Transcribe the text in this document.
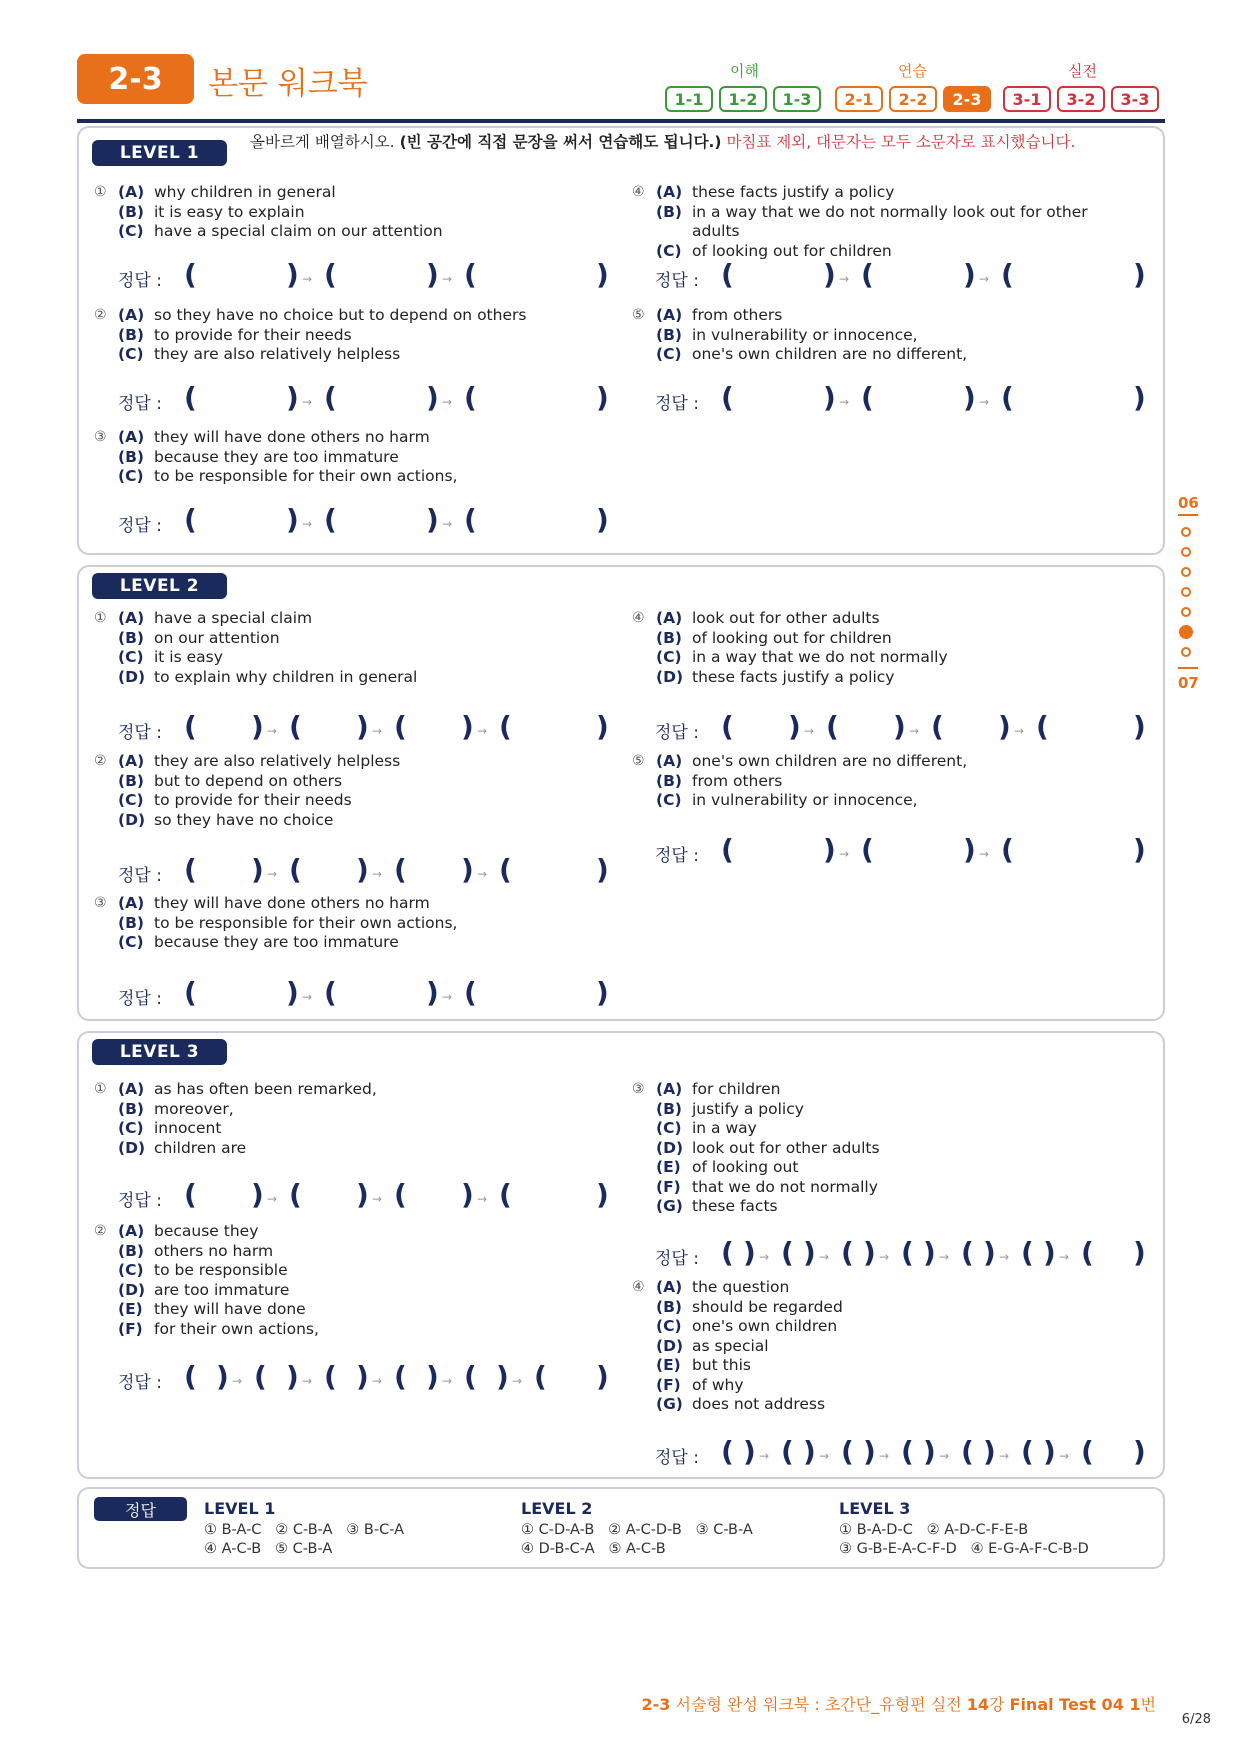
2-3	본문 워크북	이해	연습	실전
1-1	1-2	1-3	2-1	2-2	2-3	3-1	3-2	3-3
06
07
LEVEL 1
올바르게 배열하시오. (빈 공간에 직접 문장을 써서 연습해도 됩니다.) 마침표 제외, 대문자는 모두 소문자로 표시했습니다.
LEVEL 2
LEVEL 3
① (A) why children in general
(B) it is easy to explain
(C) have a special claim on our attention
④ (A) these facts justify a policy
(B) in a way that we do not normally look out for other
adults
(C) of looking out for children
② (A) so they have no choice but to depend on others
(B) to provide for their needs
(C) they are also relatively helpless
⑤ (A) from others
(B) in vulnerability or innocence,
(C) one's own children are no different,
③ (A) they will have done others no harm
(B) because they are too immature
(C) to be responsible for their own actions,
정답 : (	) → (	) → (	)	정답 : (	) → (	) → (	)
정답 : (	) → (	) → (	)	정답 : (	) → (	) → (	)
정답 : (	) → (	) → (	)
① (A) have a special claim
(B) on our attention
(C) it is easy
(D) to explain why children in general
④ (A) look out for other adults
(B) of looking out for children
(C) in a way that we do not normally
(D) these facts justify a policy
② (A) they are also relatively helpless
(B) but to depend on others
(C) to provide for their needs
(D) so they have no choice
⑤ (A) one's own children are no different,
(B) from others
(C) in vulnerability or innocence,
③ (A) they will have done others no harm
(B) to be responsible for their own actions,
(C) because they are too immature
정답 : ( ) → ( ) → ( ) → (	)	정답 : ( ) → ( ) → ( ) → (	)
정답 : ( ) → ( ) → ( ) → (	)	정답 : (	) → (	) → (	)
정답 : (	) → (	) → (	)
① (A) as has often been remarked,
(B) moreover,
(C) innocent
(D) children are
③ (A) for children
(B) justify a policy
(C) in a way
(D) look out for other adults
(E) of looking out
(F) that we do not normally
(G) these facts
② (A) because they
(B) others no harm
(C) to be responsible
(D) are too immature
(E) they will have done
(F) for their own actions,
④ (A) the question
(B) should be regarded
(C) one's own children
(D) as special
(E) but this
(F) of why
(G) does not address
정답 : ( ) → ( ) → ( ) → (	)
정답 : ( ) → ( ) → ( ) → ( ) → ( ) → ( ) → ( )
정답 : ( ) → ( ) → ( ) → ( ) → ( ) → ( )
정답 : ( ) → ( ) → ( ) → ( ) → ( ) → ( ) → ( )
정답	LEVEL 1
① B-A-C   ② C-B-A   ③ B-C-A
④ A-C-B   ⑤ C-B-A
LEVEL 2
① C-D-A-B   ② A-C-D-B   ③ C-B-A
④ D-B-C-A   ⑤ A-C-B
LEVEL 3
① B-A-D-C   ② A-D-C-F-E-B
③ G-B-E-A-C-F-D   ④ E-G-A-F-C-B-D
2-3 서술형 완성 워크북 : 초간단_유형편 실전 14강 Final Test 04 1번
6/28
